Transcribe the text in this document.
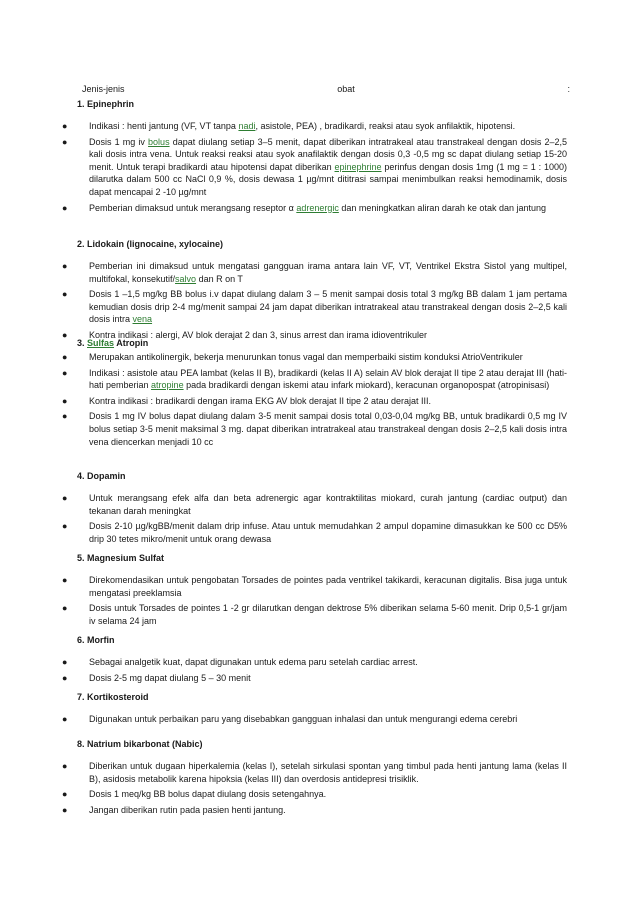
Jenis-jenis	obat	:
1. Epinephrin
● Indikasi : henti jantung (VF, VT tanpa nadi, asistole, PEA) , bradikardi, reaksi atau syok anfilaktik, hipotensi.
● Dosis 1 mg iv bolus dapat diulang setiap 3–5 menit, dapat diberikan intratrakeal atau transtrakeal dengan dosis 2–2,5 kali dosis intra vena. Untuk reaksi reaksi atau syok anafilaktik dengan dosis 0,3 -0,5 mg sc dapat diulang setiap 15-20 menit. Untuk terapi bradikardi atau hipotensi dapat diberikan epinephrine perinfus dengan dosis 1mg (1 mg = 1 : 1000) dilarutka dalam 500 cc NaCl 0,9 %, dosis dewasa 1 µg/mnt dititrasi sampai menimbulkan reaksi hemodinamik, dosis dapat mencapai 2 -10 µg/mnt
● Pemberian dimaksud untuk merangsang reseptor α adrenergic dan meningkatkan aliran darah ke otak dan jantung
2. Lidokain (lignocaine, xylocaine)
● Pemberian ini dimaksud untuk mengatasi gangguan irama antara lain VF, VT, Ventrikel Ekstra Sistol yang multipel, multifokal, konsekutif/salvo dan R on T
● Dosis 1 –1,5 mg/kg BB bolus i.v dapat diulang dalam 3 – 5 menit sampai dosis total 3 mg/kg BB dalam 1 jam pertama kemudian dosis drip 2-4 mg/menit sampai 24 jam dapat diberikan intratrakeal atau transtrakeal dengan dosis 2–2,5 kali dosis intra vena
● Kontra indikasi : alergi, AV blok derajat 2 dan 3, sinus arrest dan irama idioventrikuler
3. Sulfas Atropin
● Merupakan antikolinergik, bekerja menurunkan tonus vagal dan memperbaiki sistim konduksi AtrioVentrikuler
● Indikasi : asistole atau PEA lambat (kelas II B), bradikardi (kelas II A) selain AV blok derajat II tipe 2 atau derajat III (hati-hati pemberian atropine pada bradikardi dengan iskemi atau infark miokard), keracunan organopospat (atropinisasi)
● Kontra indikasi : bradikardi dengan irama EKG AV blok derajat II tipe 2 atau derajat III.
● Dosis 1 mg IV bolus dapat diulang dalam 3-5 menit sampai dosis total 0,03-0,04 mg/kg BB, untuk bradikardi 0,5 mg IV bolus setiap 3-5 menit maksimal 3 mg. dapat diberikan intratrakeal atau transtrakeal dengan dosis 2–2,5 kali dosis intra vena diencerkan menjadi 10 cc
4. Dopamin
● Untuk merangsang efek alfa dan beta adrenergic agar kontraktilitas miokard, curah jantung (cardiac output) dan tekanan darah meningkat
● Dosis 2-10 µg/kgBB/menit dalam drip infuse. Atau untuk memudahkan 2 ampul dopamine dimasukkan ke 500 cc D5% drip 30 tetes mikro/menit untuk orang dewasa
5. Magnesium Sulfat
● Direkomendasikan untuk pengobatan Torsades de pointes pada ventrikel takikardi, keracunan digitalis. Bisa juga untuk mengatasi preeklamsia
● Dosis untuk Torsades de pointes 1 -2 gr dilarutkan dengan dektrose 5% diberikan selama 5-60 menit. Drip 0,5-1 gr/jam iv selama 24 jam
6. Morfin
● Sebagai analgetik kuat, dapat digunakan untuk edema paru setelah cardiac arrest.
● Dosis 2-5 mg dapat diulang 5 – 30 menit
7. Kortikosteroid
● Digunakan untuk perbaikan paru yang disebabkan gangguan inhalasi dan untuk mengurangi edema cerebri
8. Natrium bikarbonat (Nabic)
● Diberikan untuk dugaan hiperkalemia (kelas I), setelah sirkulasi spontan yang timbul pada henti jantung lama (kelas II B), asidosis metabolik karena hipoksia (kelas III) dan overdosis antidepresi trisiklik.
● Dosis 1 meq/kg BB bolus dapat diulang dosis setengahnya.
● Jangan diberikan rutin pada pasien henti jantung.
